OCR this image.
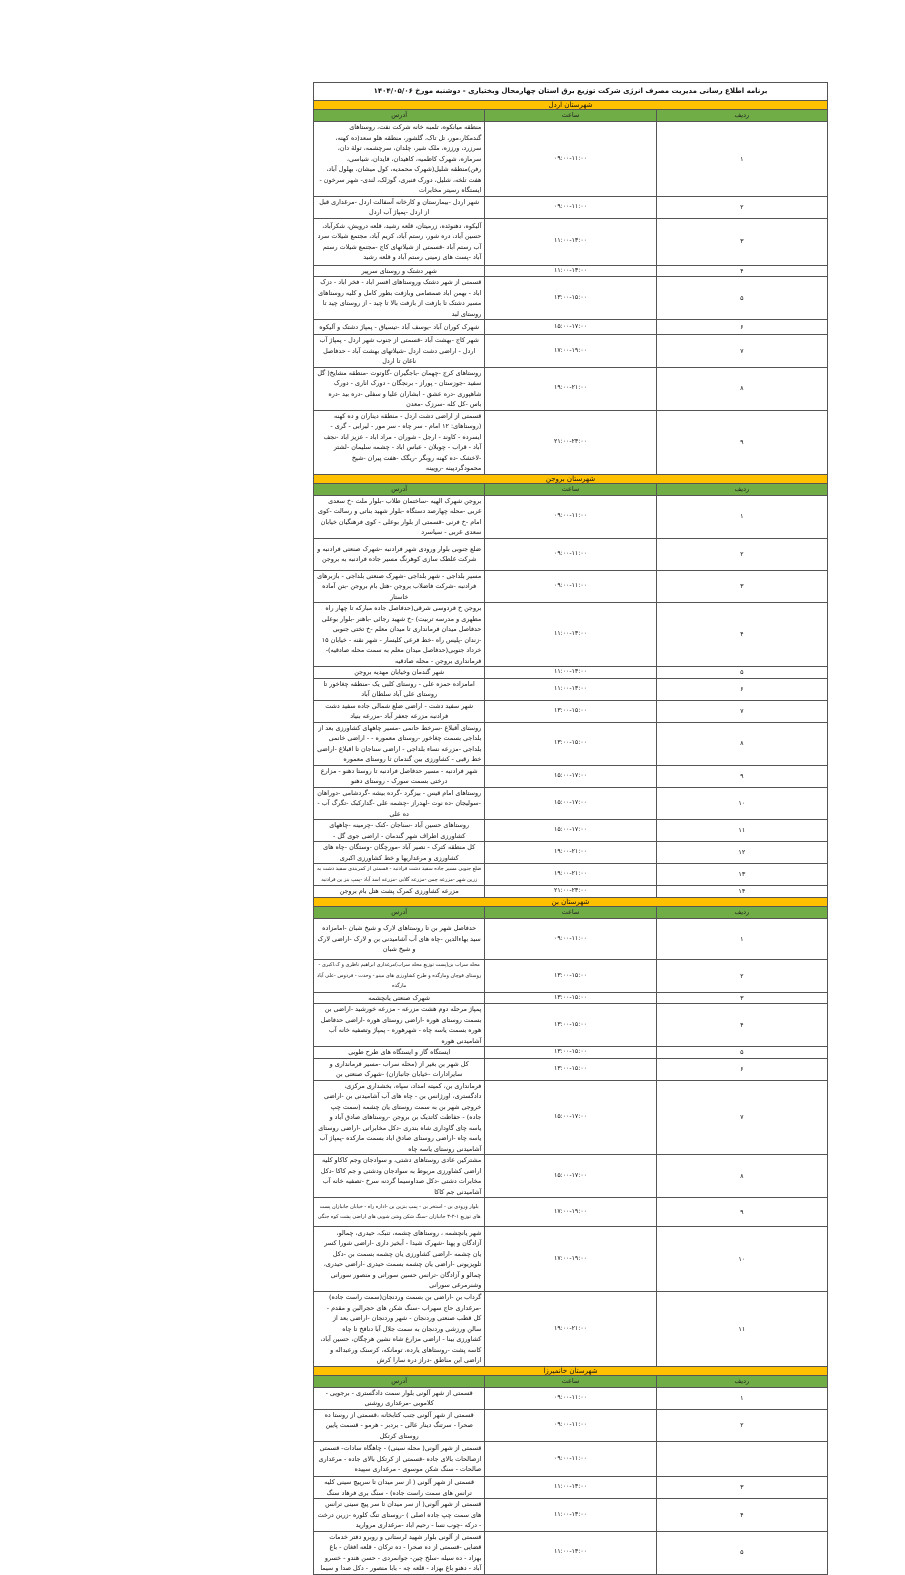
برنامه اطلاع رسانی مدیریت مصرف انرژی شرکت توزیع برق استان چهارمحال وبختیاری - دوشنبه مورخ ۱۴۰۴/۰۵/۰۶		
شهرستان اردل		
ردیف	ساعت	آدرس
۱	۰۹:۰۰-۱۱:۰۰	منطقه میانکوه، تلمبه خانه شرکت نفت، روستاهای گندمکار،مور، تل تاک، گلشور، منطقه هلو سعد(ده کهنه، سرزرد، ورززه، ملک شیر، چلدان، سرچشمه، تولة دان، سرمازه، شهرک کاظمیه، کاهیدان، فایدان، شیاسی، رفن)منطقه شلیل(شهرک محمدیه، کول میشان، بهلول آباد، هفت تلخه، شلیل، دورک فنبری، گوزلک، لندی- شهر سرخون - ایستگاه رسیتر مخابرات
۲	۰۹:۰۰-۱۱:۰۰	شهر اردل -بیمارستان و کارخانه آسفالت اردل -مرغداری قبل از اردل -پمپاژ آب اردل
۳	۱۱:۰۰-۱۳:۰۰	آلیکوه، دهنوئده، زرمیتان، قلعه رشید، قلعه درویش، شکرآباد، حسین آباد، دره شور، رستم آباد، کریم آباد، مجتمع شیلات سرد آب رستم آباد -قسمتی از شیلاتهای کاج -مجتمع شیلات رستم آباد -پست های زمینی رستم آباد و قلعه رشید
۴	۱۱:۰۰-۱۳:۰۰	شهر دشتک و روستای سرپیر
۵	۱۳:۰۰-۱۵:۰۰	قسمتی از شهر دشتک وروستاهای افسر اباد - فخر اباد - دزک اباد - بهمن اباد صمصامی وبازفت بطور کامل و کلیه روستاهای مسیر دشتک تا بازفت از بازفت بالا تا چید - از روستای چید تا روستای لبد
۶	۱۵:۰۰-۱۷:۰۰	شهرک کوران آباد -یوسف آباد -تیسیاق - پمپاژ دشتک و آلیکوه
۷	۱۷:۰۰-۱۹:۰۰	شهر کاج -بهشت آباد -قسمتی از جنوب شهر اردل - پمپاژ آب اردل - اراضی دشت اردل -شیلاتهای بهشت آباد - حدفاصل ناغان تا اردل
۸	۱۹:۰۰-۲۱:۰۰	روستاهای کرج -چهمان -باجگیران -گاوتوت -منطقه مشایخ( گل سفید -جوزستان - پوراز - برنجگان - دورک اناری - دورک شاهپوری -دره عشق - ابشاران علیا و سفلی -دره بید -دره باس -کل کله -سرزک -معدن
۹	۲۱:۰۰-۲۳:۰۰	قسمتی از اراضی دشت اردل - منطقه دیناران و ده کهنه (روستاهای: ۱۲ امام - سر چاه - سر مور - لیرابی - گری - ایسرده - کاوند - ارجل - شوران - مراد اباد - عزیز اباد -نجف آباد - قراب - چوبلان - عباس اباد - چشمه سلیمان -لشتر -لاخشک -ده کهنه روبگر -ریگک -هفت پیران -شیخ محمودگردپینه -روپینه
شهرستان بروجن		
ردیف	ساعت	آدرس
۱	۰۹:۰۰-۱۱:۰۰	بروجن شهرک الهیه -ساختمان طلاب -بلوار ملت -خ سعدی غربی -محله چهارصد دستگاه -بلوار شهید بناتی و رسالت -کوی امام -خ فرنی -قسمتی از بلوار بوعلی - کوی فرهنگیان خیابان سعدی غربی - سیاسرد
۲	۰۹:۰۰-۱۱:۰۰	ضلع جنوبی بلوار ورودی شهر فرادنبه -شهرک صنعتی فرادنبه و شرکت غلطک سازی کوهرنگ مسیر جاده فرادنبه به بروجن
۳	۰۹:۰۰-۱۱:۰۰	مسیر بلداجی - شهر بلداجی -شهرک صنعتی بلداجی - بازبرهای فرادنبه -شرکت فاضلاب بروجن -هتل بام بروجن -بتن آماده خاستار
۴	۱۱:۰۰-۱۳:۰۰	بروجن خ فردوسی شرقی(حدفاصل جاده مبارکه تا چهار راه مطهری و مدرسه تربیت) -خ شهید رجائی -باهنر -بلوار بوعلی حدفاصل میدان فرمانداری تا میدان معلم -خ تختی جنوبی -زندان -پلیس راه -خط فرعی کلیسار - شهر نقنه - خیابان ۱۵ خرداد جنوبی(حدفاصل میدان معلم به سمت محله صادقیه)- فرمانداری بروجن - محله صادقیه
۵	۱۱:۰۰-۱۳:۰۰	شهر گندمان وخیابان مهدیه بروجن
۶	۱۱:۰۰-۱۳:۰۰	امامزاده حمزه علی - روستای کلبی یک -منطقه چغاخور تا روستای علی آباد سلطان آباد
۷	۱۳:۰۰-۱۵:۰۰	شهر سفید دشت - اراضی ضلع شمالی جاده سفید دشت فرادنبه مزرعه جعفر آباد -مزرعه بنیاد
۸	۱۳:۰۰-۱۵:۰۰	روستای آقبلاغ -سرخط حانمی -مسیر چاههای کشاورزی بعد از بلداجی بسمت چغاخور -روستای معموره - - اراضی خانمی بلداجی -مزرعه نساء بلداجی - اراضی سناجان تا اقبلاغ -اراضی خط رقبی - کشاورزی بین گندمان تا روستای معموره
۹	۱۵:۰۰-۱۷:۰۰	شهر فرادنبه - مسیر حدفاصل فرادنبه تا روستا دهنو - مزارع درختی بسمت سورک - روستای دهنو
۱۰	۱۵:۰۰-۱۷:۰۰	روستاهای امام قیس - بیزگرد -گرده بیشه -گردشامی -دوراهان -سولیجان -ده نوت -لهدراز -چشمه علی -گدارکبک -تگرگ آب - ده علی
۱۱	۱۵:۰۰-۱۷:۰۰	روستاهای حسین آباد -سناجان -کنک -چرمینه -چاههای کشاورزی اطراف شهر گندمان - اراضی جوی گل -
۱۲	۱۹:۰۰-۲۱:۰۰	کل منطقه کترک - نصیر آباد -مورچگان -وستگان -چاه های کشاورزی و مرغداریها و خط کشاورزی اکبری
۱۳	۱۹:۰۰-۲۱:۰۰	ضلع جنوبی مسیر جاده سفید دشت فرادنبه - قسمتی از کمربندی سفید دشت به زرین شهر -مزرعه چمن -مزرعه گلابی -مزرعه اسد آباد -پمپ بنز بن فرادنبه
۱۴	۲۱:۰۰-۲۳:۰۰	مزرعه کشاورزی کمرک پشت هتل بام بروجن
شهرستان بن		
ردیف	ساعت	آدرس
۱	۰۹:۰۰-۱۱:۰۰	حدفاصل شهر بن تا روستاهای لارک و شیخ شبان -امامزاده سید بهاءالدین -چاه های آب آشامیدنی بن و لارک -اراضی لارک و شیخ شبان
۲	۱۳:۰۰-۱۵:۰۰	محله سراب بن(پست توزیع محله سراب)مرغداری ابراهیم ناظری و ک.اکبری - روستای قوچان ومارگده و طرح کشاورزی های مینو - وحدت - فردوس -علی آباد مارگده
۳	۱۳:۰۰-۱۵:۰۰	شهرک صنعتی یانچشمه
۴	۱۳:۰۰-۱۵:۰۰	پمپاژ مرحله دوم هشت مزرعه - مزرعه خورشید -اراضی بن بسمت روستای هوره -اراضی روستای هوره -اراضی حدفاصل هوره بسمت یاسه چاه - شهرهوره - پمپاژ وتصفیه خانه آب آشامیدنی هوره
۵	۱۳:۰۰-۱۵:۰۰	ایستگاه گاز و ایستگاه های طرح طوبی
۶	۱۳:۰۰-۱۵:۰۰	کل شهر بن بغیر از (محله سراب -مسیر فرمانداری و سایرادارات -خیابان جانبازان) -شهرک صنعتی بن
۷	۱۵:۰۰-۱۷:۰۰	فرمانداری بن، کمیته امداد، سپاه، بخشداری مرکزی، دادگستری، اورژانس بن - چاه های آب آشامیدنی بن -اراضی خروجی شهر بن به سمت روستای یان چشمه (سمت چپ جاده) - حفاظت کاتدیک بن بروجن -روستاهای صادق آباد و یاسه چای گاوداری شاه بندری -دکل مخابراتی -اراضی روستای یاسه چاه -اراضی روستای صادق اباد بسمت مارکده -پمپاژ آب آشامیدنی روستای یاسه چاه
۸	۱۵:۰۰-۱۷:۰۰	مشترکین عادی روستاهای دشتی، و سوادجان وجم کاکاو کلیه اراضی کشاورزی مربوط به سوادجان ودشتی و جم کاکا -دکل مخابرات دشتی -دکل صداوسیما گردنه سرخ -تصفیه خانه آب آشامیدنی جم کاکا
۹	۱۷:۰۰-۱۹:۰۰	بلوار ورودی بن - استخر بن - پمپ بنزین بن -اداره راه - خیابان جانبازان پست های توزیع ۱-۲-۳ جانبازان -سنگ شکن وشن شویی های اراضی پشت کوه جنگی
۱۰	۱۷:۰۰-۱۹:۰۰	شهر یانچشمه ، روستاهای چشمه، تنبک، حیدری، چمالو، آزادگان و پهنا -شهرک شیدا - آبخیز داری -اراضی شورا کسر یان چشمه -اراضی کشاورزی یان چشمه بسمت بن -دکل تلویزیونی -اراضی یان چشمه بسمت حیدری -اراضی حیدری، چمالو و آزادگان -ترانس حسین سورانی و منصور سورانی وشنرمرغی سورانی
۱۱	۱۹:۰۰-۲۱:۰۰	گرداب بن -اراضی بن بسمت وردنجان(سمت راست جاده) -مرغداری حاج سهراب -سنگ شکن های حجرالبن و مقدم - کل قطب صنعتی وردنجان - شهر وردنجان -اراضی بعد از سالن ورزشی وردنجان به سمت جلال آبا دنافخ تا چاه کشاورزی بینا - اراضی مزارع شاه نشین هرچگان، حسین آباد، کاسه پشت -روستاهای یارده، تومانکه، کرسنک ورعبداله و اراضی این مناطق -دراز دره سارا کرش
شهرستان خانمیرزا		
ردیف	ساعت	آدرس
۱	۰۹:۰۰-۱۱:۰۰	قسمتی از شهر آلونی بلوار سمت دادگستری - برجویی - کلاموبی -مرغداری روشنی
۲	۰۹:۰۰-۱۱:۰۰	قسمتی از شهر آلونی جنب کتابخانه ،قسمتی از روستا ده صحرا - سرتنگ دینار عالی - بردبر - هرمو - قسمت پایین روستای کرتکل
	۰۹:۰۰-۱۱:۰۰	قسمتی از شهر آلونی( محله سینی) - چاهگاه سادات- قسمتی ازصالحات بالای جاده -قسمتی از کرتکل بالای جاده - مرغداری صالحات - سنگ شکن موسوی - مرغداری سپیده
۳	۱۱:۰۰-۱۳:۰۰	قسمتی از شهر آلونی ( از سر میدان تا سرپیچ سینی کلیه ترانس های سمت راست جاده) - سنگ بری فرهاد سنگ
۴	۱۱:۰۰-۱۳:۰۰	قسمتی از شهر آلونی( از سر میدان تا سر پیچ سینی ترانس های سمت چپ جاده اصلی ) -روستای تنگ کلوره -زرین درخت - درکه -چوب نسا - رحیم اباد -مرغداری مروارید
۵	۱۱:۰۰-۱۳:۰۰	قسمتی از آلونی بلوار شهید لرستانی و روبرو دفتر خدمات قضایی -قسمتی از ده صحرا - ده ترکان - قلعه افغان - باغ بهزاد - ده سیله -سلخ چین- جوانمردی - حسن هندو - خسرو آباد - دهنو باغ بهزاد - قلعه چه - بابا منصور - دکل صدا و سیما
